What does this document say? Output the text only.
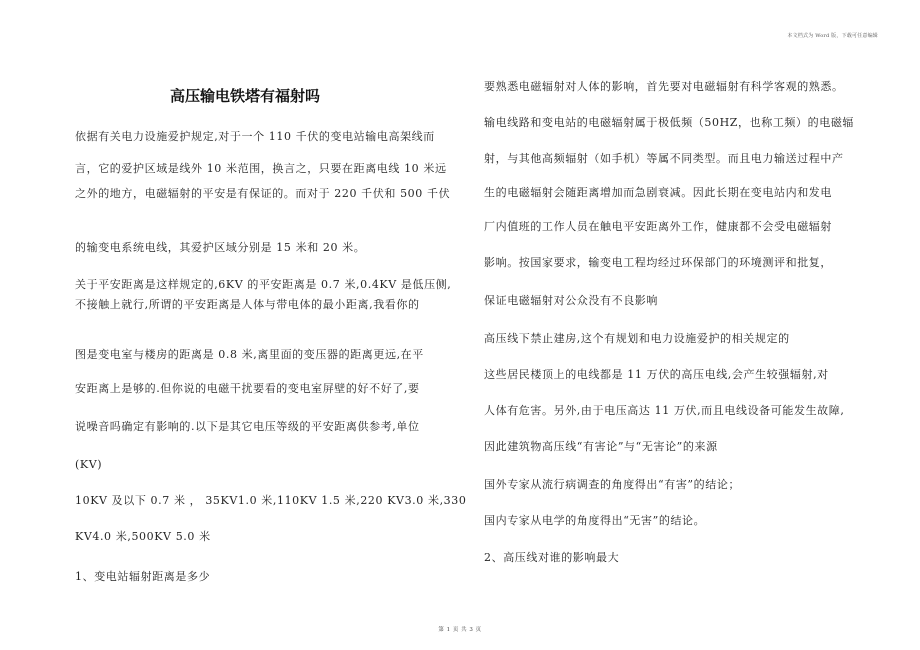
本文档式为 Word 版，下载可任意编辑
高压输电铁塔有福射吗
依据有关电力设施爱护规定,对于一个 110 千伏的变电站输电高架线而
言，它的爱护区域是线外 10 米范围，换言之，只要在距离电线 10 米远
之外的地方，电磁辐射的平安是有保证的。而对于 220 千伏和 500 千伏
的输变电系统电线，其爱护区域分别是 15 米和 20 米。
关于平安距离是这样规定的,6KV 的平安距离是 0.7 米,0.4KV 是低压侧,
不接触上就行,所谓的平安距离是人体与带电体的最小距离,我看你的
图是变电室与楼房的距离是 0.8 米,离里面的变压器的距离更远,在平
安距离上是够的.但你说的电磁干扰要看的变电室屏壁的好不好了,要
说噪音吗确定有影响的.以下是其它电压等级的平安距离供参考,单位
(KV)
10KV 及以下 0.7 米 ， 35KV1.0 米,110KV 1.5 米,220 KV3.0 米,330
KV4.0 米,500KV 5.0 米
1、变电站辐射距离是多少
要熟悉电磁辐射对人体的影响，首先要对电磁辐射有科学客观的熟悉。
输电线路和变电站的电磁辐射属于极低频（50HZ，也称工频）的电磁辐
射，与其他高频辐射（如手机）等属不同类型。而且电力输送过程中产
生的电磁辐射会随距离增加而急剧衰减。因此长期在变电站内和发电
厂内值班的工作人员在触电平安距离外工作，健康都不会受电磁辐射
影响。按国家要求，输变电工程均经过环保部门的环境测评和批复，
保证电磁辐射对公众没有不良影响
高压线下禁止建房,这个有规划和电力设施爱护的相关规定的
这些居民楼顶上的电线都是 11 万伏的高压电线,会产生较强辐射,对
人体有危害。另外,由于电压高达 11 万伏,而且电线设备可能发生故障,
因此建筑物高压线“有害论”与“无害论”的来源
国外专家从流行病调查的角度得出“有害”的结论；
国内专家从电学的角度得出“无害”的结论。
2、高压线对谁的影响最大
第 1 页 共 3 页
